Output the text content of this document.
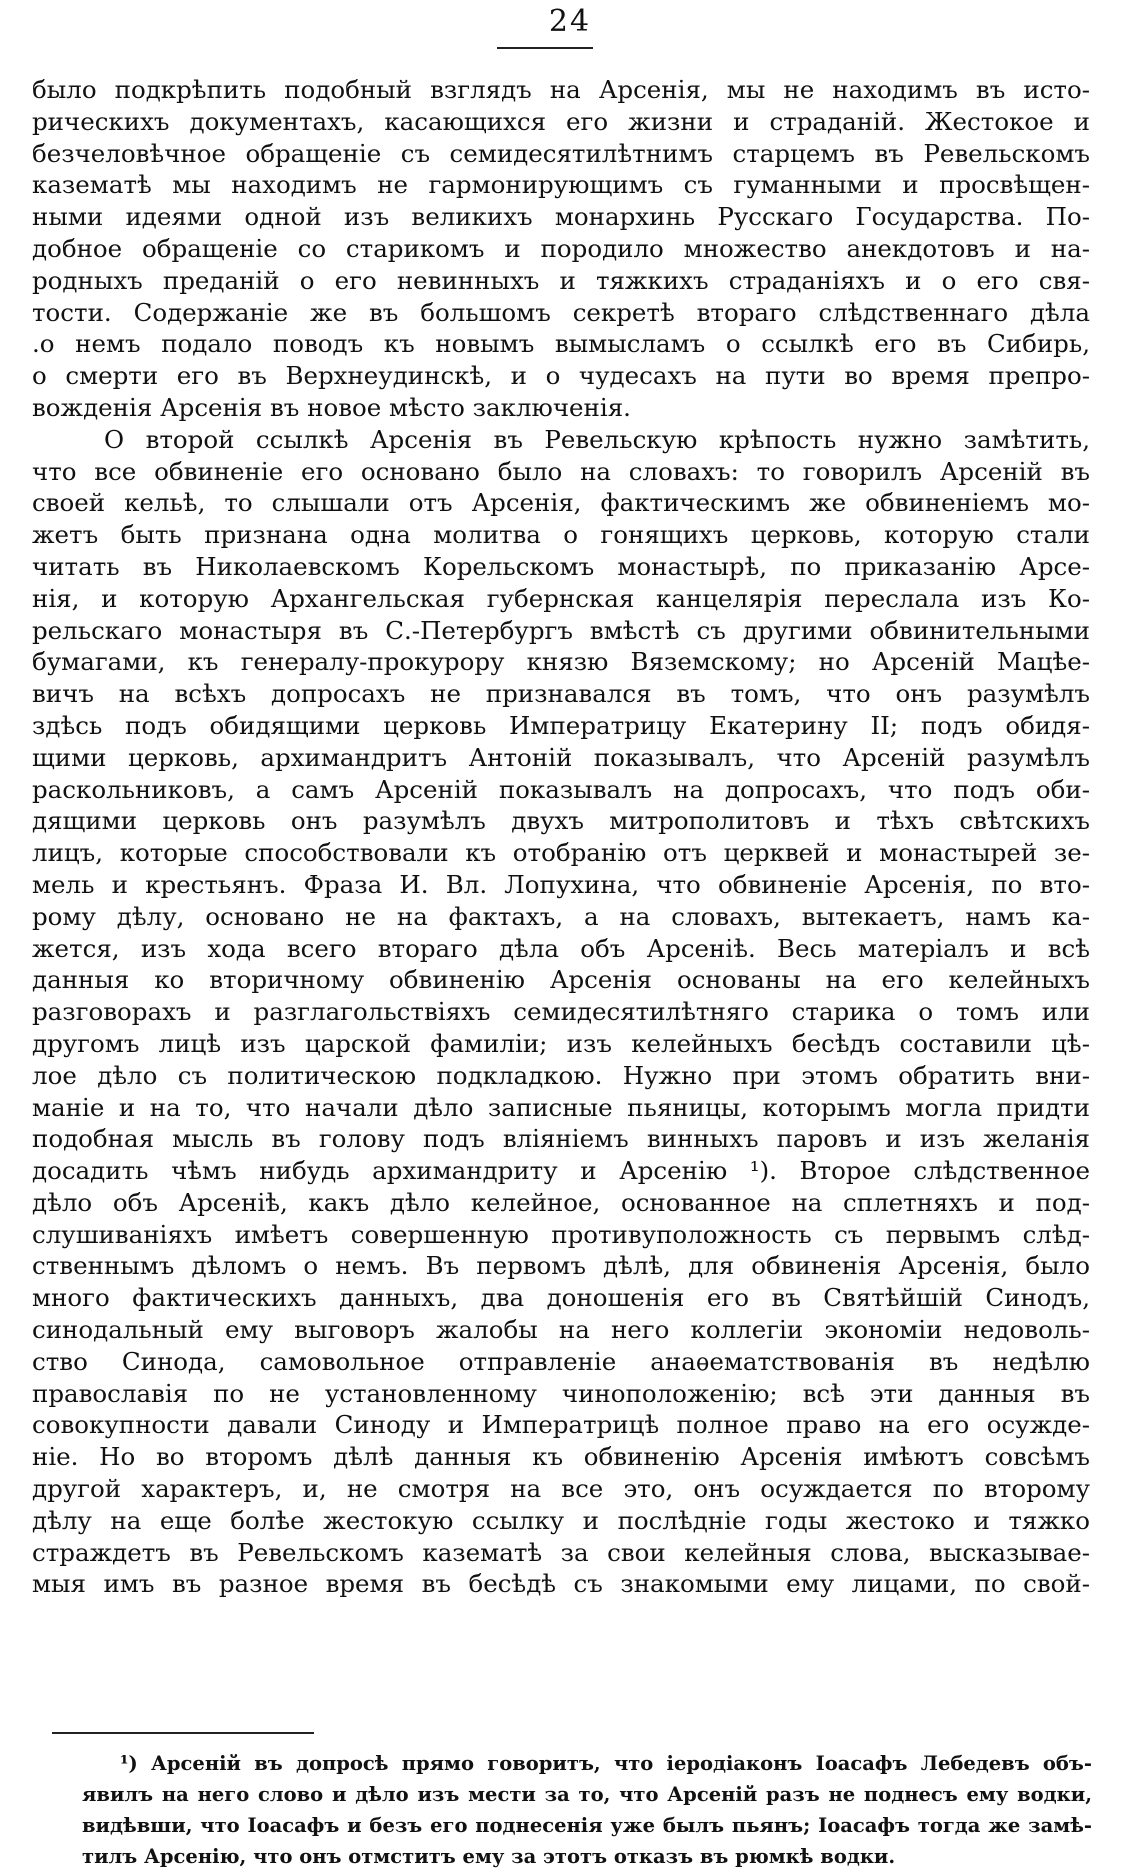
24
было подкрѣпить подобный взглядъ на Арсенія, мы не находимъ въ исто-
рическихъ документахъ, касающихся его жизни и страданій. Жестокое и
безчеловѣчное обращеніе съ семидесятилѣтнимъ старцемъ въ Ревельскомъ
казематѣ мы находимъ не гармонирующимъ съ гуманными и просвѣщен-
ными идеями одной изъ великихъ монархинь Русскаго Государства. По-
добное обращеніе со старикомъ и породило множество анекдотовъ и на-
родныхъ преданій о его невинныхъ и тяжкихъ страданіяхъ и о его свя-
тости. Содержаніе же въ большомъ секретѣ втораго слѣдственнаго дѣла
.о немъ подало поводъ къ новымъ вымысламъ о ссылкѣ его въ Сибирь,
о смерти его въ Верхнеудинскѣ, и о чудесахъ на пути во время препро-
вожденія Арсенія въ новое мѣсто заключенія.
О второй ссылкѣ Арсенія въ Ревельскую крѣпость нужно замѣтить,
что все обвиненіе его основано было на словахъ: то говорилъ Арсеній въ
своей кельѣ, то слышали отъ Арсенія, фактическимъ же обвиненіемъ мо-
жетъ быть признана одна молитва о гонящихъ церковь, которую стали
читать въ Николаевскомъ Корельскомъ монастырѣ, по приказанію Арсе-
нія, и которую Архангельская губернская канцелярія переслала изъ Ко-
рельскаго монастыря въ С.-Петербургъ вмѣстѣ съ другими обвинительными
бумагами, къ генералу-прокурору князю Вяземскому; но Арсеній Мацѣе-
вичъ на всѣхъ допросахъ не признавался въ томъ, что онъ разумѣлъ
здѣсь подъ обидящими церковь Императрицу Екатерину II; подъ обидя-
щими церковь, архимандритъ Антоній показывалъ, что Арсеній разумѣлъ
раскольниковъ, а самъ Арсеній показывалъ на допросахъ, что подъ оби-
дящими церковь онъ разумѣлъ двухъ митрополитовъ и тѣхъ свѣтскихъ
лицъ, которые способствовали къ отобранію отъ церквей и монастырей зе-
мель и крестьянъ. Фраза И. Вл. Лопухина, что обвиненіе Арсенія, по вто-
рому дѣлу, основано не на фактахъ, а на словахъ, вытекаетъ, намъ ка-
жется, изъ хода всего втораго дѣла объ Арсеніѣ. Весь матеріалъ и всѣ
данныя ко вторичному обвиненію Арсенія основаны на его келейныхъ
разговорахъ и разглагольствіяхъ семидесятилѣтняго старика о томъ или
другомъ лицѣ изъ царской фамиліи; изъ келейныхъ бесѣдъ составили цѣ-
лое дѣло съ политическою подкладкою. Нужно при этомъ обратить вни-
маніе и на то, что начали дѣло записные пьяницы, которымъ могла придти
подобная мысль въ голову подъ вліяніемъ винныхъ паровъ и изъ желанія
досадить чѣмъ нибудь архимандриту и Арсенію ¹). Второе слѣдственное
дѣло объ Арсеніѣ, какъ дѣло келейное, основанное на сплетняхъ и под-
слушиваніяхъ имѣетъ совершенную противуположность съ первымъ слѣд-
ственнымъ дѣломъ о немъ. Въ первомъ дѣлѣ, для обвиненія Арсенія, было
много фактическихъ данныхъ, два доношенія его въ Святѣйшій Синодъ,
синодальный ему выговоръ жалобы на него коллегіи экономіи недоволь-
ство Синода, самовольное отправленіе анаѳематствованія въ недѣлю
православія по не установленному чиноположенію; всѣ эти данныя въ
совокупности давали Синоду и Императрицѣ полное право на его осужде-
ніе. Но во второмъ дѣлѣ данныя къ обвиненію Арсенія имѣютъ совсѣмъ
другой характеръ, и, не смотря на все это, онъ осуждается по второму
дѣлу на еще болѣе жестокую ссылку и послѣдніе годы жестоко и тяжко
страждетъ въ Ревельскомъ казематѣ за свои келейныя слова, высказывае-
мыя имъ въ разное время въ бесѣдѣ съ знакомыми ему лицами, по свой-
¹) Арсеній въ допросѣ прямо говоритъ, что іеродіаконъ Іоасафъ Лебедевъ объ-
явилъ на него слово и дѣло изъ мести за то, что Арсеній разъ не поднесъ ему водки,
видѣвши, что Іоасафъ и безъ его поднесенія уже былъ пьянъ; Іоасафъ тогда же замѣ-
тилъ Арсенію, что онъ отмститъ ему за этотъ отказъ въ рюмкѣ водки.
